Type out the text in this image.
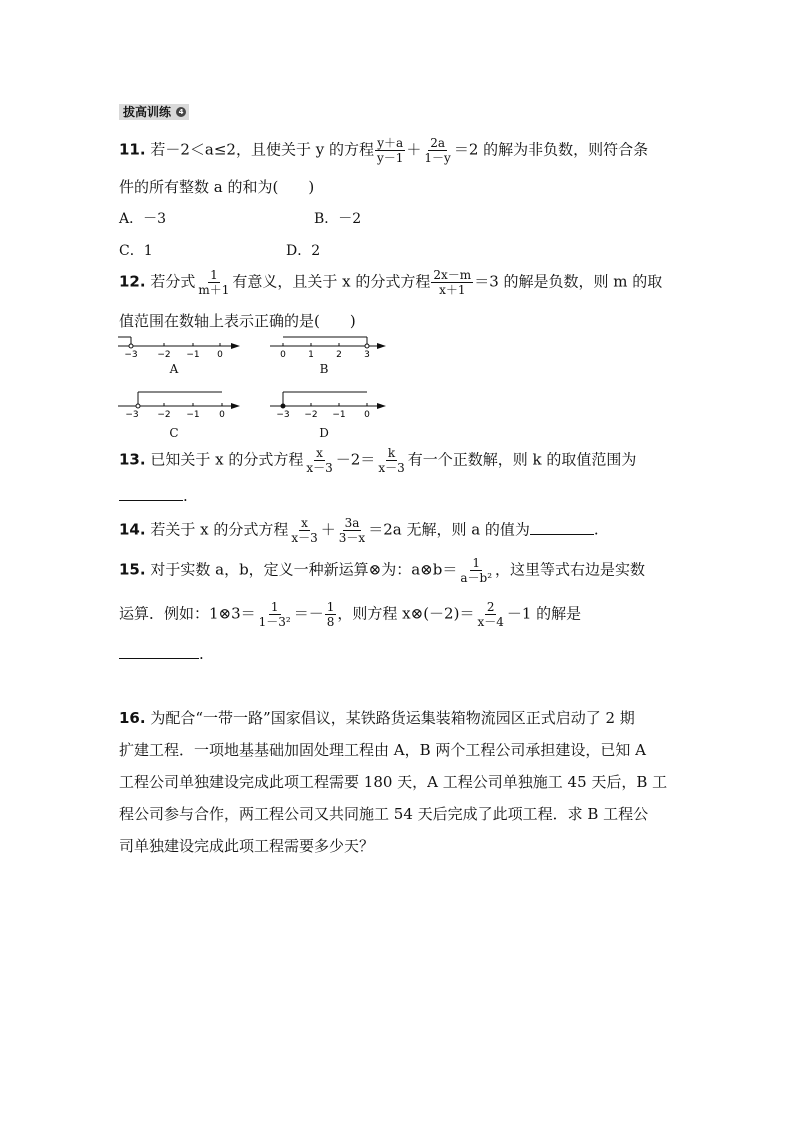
拔高训练	4
11. 若－2＜a≤2，且使关于 y 的方程 $\frac{y+a}{y-1} + \frac{2a}{1-y} =2$ 的解为非负数，则符合条
件的所有整数 a 的和为(　　)
A．－3	B．－2
C．1	D．2
12. 若分式 $\frac{1}{m+1}$ 有意义，且关于 x 的分式方程 $\frac{2x-m}{x+1} =3$ 的解是负数，则 m 的取
值范围在数轴上表示正确的是(　　)
−3 −2 −1 0
A
0 1 2 3
B
−3 −2 −1 0
C
−3 −2 −1 0
D
13. 已知关于 x 的分式方程 $\frac{x}{x-3} -2= \frac{k}{x-3}$ 有一个正数解，则 k 的取值范围为
.
14. 若关于 x 的分式方程 $\frac{x}{x-3} + \frac{3a}{3-x} =2a$ 无解，则 a 的值为	.
15. 对于实数 a，b，定义一种新运算⊗为：a⊗b＝ $\frac{1}{\text{a－b²}}$ ，这里等式右边是实数
运算．例如：1⊗3＝ $\frac{1}{\text{1－3²}} =- \frac{1}{8}$ ，则方程 x⊗(－2)＝ $\frac{2}{x-4} -1$ 的解是
.
16. 为配合“一带一路”国家倡议，某铁路货运集装箱物流园区正式启动了 2 期
扩建工程．一项地基基础加固处理工程由 A，B 两个工程公司承担建设，已知 A
工程公司单独建设完成此项工程需要 180 天，A 工程公司单独施工 45 天后，B 工
程公司参与合作，两工程公司又共同施工 54 天后完成了此项工程．求 B 工程公
司单独建设完成此项工程需要多少天？
